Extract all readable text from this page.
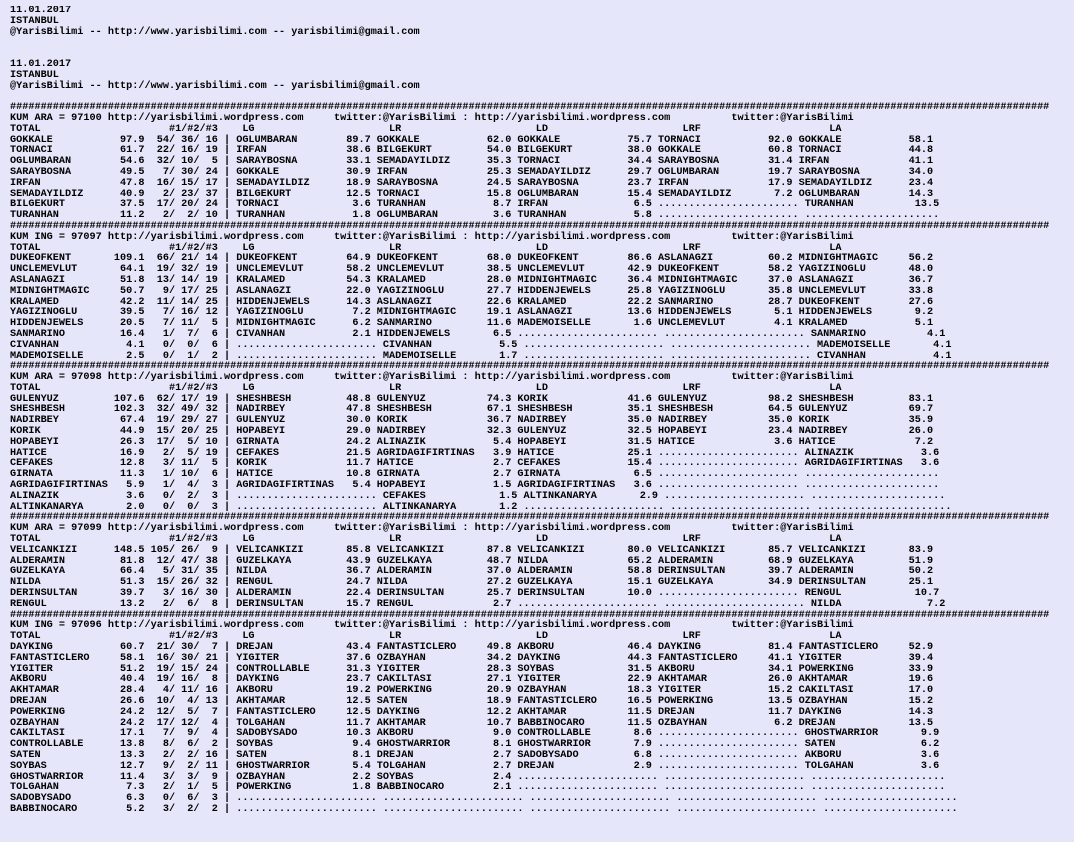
11.01.2017
ISTANBUL
@YarisBilimi -- http://www.yarisbilimi.com -- yarisbilimi@gmail.com

11.01.2017
ISTANBUL
@YarisBilimi -- http://www.yarisbilimi.com -- yarisbilimi@gmail.com

##########################################################################################################################################################################
KUM ARA = 97100 http://yarisbilimi.wordpress.com     twitter:@YarisBilimi : http://yarisbilimi.wordpress.com          twitter:@YarisBilimi
TOTAL                     #1/#2/#3    LG                      LR                      LD                      LRF                     LA
GOKKALE           97.9  54/ 36/ 16 | OGLUMBARAN        89.7 GOKKALE           62.0 GOKKALE           75.7 TORNACI           92.0 GOKKALE           58.1
TORNACI           61.7  22/ 16/ 19 | IRFAN             38.6 BILGEKURT         54.0 BILGEKURT         38.0 GOKKALE           60.8 TORNACI           44.8
OGLUMBARAN        54.6  32/ 10/  5 | SARAYBOSNA        33.1 SEMADAYILDIZ      35.3 TORNACI           34.4 SARAYBOSNA        31.4 IRFAN             41.1
SARAYBOSNA        49.5   7/ 30/ 24 | GOKKALE           30.9 IRFAN             25.3 SEMADAYILDIZ      29.7 OGLUMBARAN        19.7 SARAYBOSNA        34.0
IRFAN             47.8  16/ 15/ 17 | SEMADAYILDIZ      18.9 SARAYBOSNA        24.5 SARAYBOSNA        23.7 IRFAN             17.9 SEMADAYILDIZ      23.4
SEMADAYILDIZ      40.9   2/ 23/ 37 | BILGEKURT         12.5 TORNACI           15.8 OGLUMBARAN        15.4 SEMADAYILDIZ       7.2 OGLUMBARAN        14.3
BILGEKURT         37.5  17/ 20/ 24 | TORNACI            3.6 TURANHAN           8.7 IRFAN              6.5 ....................... TURANHAN          13.5
TURANHAN          11.2   2/  2/ 10 | TURANHAN           1.8 OGLUMBARAN         3.6 TURANHAN           5.8 ....................... ......................
##########################################################################################################################################################################
KUM ING = 97097 http://yarisbilimi.wordpress.com     twitter:@YarisBilimi : http://yarisbilimi.wordpress.com          twitter:@YarisBilimi
TOTAL                     #1/#2/#3    LG                      LR                      LD                      LRF                     LA
DUKEOFKENT       109.1  66/ 21/ 14 | DUKEOFKENT        64.9 DUKEOFKENT        68.0 DUKEOFKENT        86.6 ASLANAGZI         60.2 MIDNIGHTMAGIC     56.2
UNCLEMEVLUT       64.1  19/ 32/ 19 | UNCLEMEVLUT       58.2 UNCLEMEVLUT       38.5 UNCLEMEVLUT       42.9 DUKEOFKENT        58.2 YAGIZINOGLU       48.0
ASLANAGZI         51.8  13/ 14/ 19 | KRALAMED          54.3 KRALAMED          28.0 MIDNIGHTMAGIC     36.4 MIDNIGHTMAGIC     37.0 ASLANAGZI         36.7
MIDNIGHTMAGIC     50.7   9/ 17/ 25 | ASLANAGZI         22.0 YAGIZINOGLU       27.7 HIDDENJEWELS      25.8 YAGIZINOGLU       35.8 UNCLEMEVLUT       33.8
KRALAMED          42.2  11/ 14/ 25 | HIDDENJEWELS      14.3 ASLANAGZI         22.6 KRALAMED          22.2 SANMARINO         28.7 DUKEOFKENT        27.6
YAGIZINOGLU       39.5   7/ 16/ 12 | YAGIZINOGLU        7.2 MIDNIGHTMAGIC     19.1 ASLANAGZI         13.6 HIDDENJEWELS       5.1 HIDDENJEWELS       9.2
HIDDENJEWELS      20.5   7/ 11/  5 | MIDNIGHTMAGIC      6.2 SANMARINO         11.6 MADEMOISELLE       1.6 UNCLEMEVLUT        4.1 KRALAMED           5.1
SANMARINO         16.4   1/  7/  6 | CIVANHAN           2.1 HIDDENJEWELS       6.5 ....................... ....................... SANMARINO          4.1
CIVANHAN           4.1   0/  0/  6 | ....................... CIVANHAN           5.5 ....................... ....................... MADEMOISELLE       4.1
MADEMOISELLE       2.5   0/  1/  2 | ....................... MADEMOISELLE       1.7 ....................... ....................... CIVANHAN           4.1
##########################################################################################################################################################################
KUM ARA = 97098 http://yarisbilimi.wordpress.com     twitter:@YarisBilimi : http://yarisbilimi.wordpress.com          twitter:@YarisBilimi
TOTAL                     #1/#2/#3    LG                      LR                      LD                      LRF                     LA
GULENYUZ         107.6  62/ 17/ 19 | SHESHBESH         48.8 GULENYUZ          74.3 KORIK             41.6 GULENYUZ          98.2 SHESHBESH         83.1
SHESHBESH        102.3  32/ 49/ 32 | NADIRBEY          47.8 SHESHBESH         67.1 SHESHBESH         35.1 SHESHBESH         64.5 GULENYUZ          69.7
NADIRBEY          67.4  19/ 29/ 27 | GULENYUZ          30.0 KORIK             36.7 NADIRBEY          35.0 NADIRBEY          35.0 KORIK             35.9
KORIK             44.9  15/ 20/ 25 | HOPABEYI          29.0 NADIRBEY          32.3 GULENYUZ          32.5 HOPABEYI          23.4 NADIRBEY          26.0
HOPABEYI          26.3  17/  5/ 10 | GIRNATA           24.2 ALINAZIK           5.4 HOPABEYI          31.5 HATICE             3.6 HATICE             7.2
HATICE            16.9   2/  5/ 19 | CEFAKES           21.5 AGRIDAGIFIRTINAS   3.9 HATICE            25.1 ....................... ALINAZIK           3.6
CEFAKES           12.8   3/ 11/  5 | KORIK             11.7 HATICE             2.7 CEFAKES           15.4 ....................... AGRIDAGIFIRTINAS   3.6
GIRNATA           11.3   1/ 10/  6 | HATICE            10.8 GIRNATA            2.7 GIRNATA            6.5 ....................... ......................
AGRIDAGIFIRTINAS   5.9   1/  4/  3 | AGRIDAGIFIRTINAS   5.4 HOPABEYI           1.5 AGRIDAGIFIRTINAS   3.6 ....................... ......................
ALINAZIK           3.6   0/  2/  3 | ....................... CEFAKES            1.5 ALTINKANARYA       2.9 ....................... ......................
ALTINKANARYA       2.0   0/  0/  3 | ....................... ALTINKANARYA       1.2 ....................... ....................... ......................
##########################################################################################################################################################################
KUM ARA = 97099 http://yarisbilimi.wordpress.com     twitter:@YarisBilimi : http://yarisbilimi.wordpress.com          twitter:@YarisBilimi
TOTAL                     #1/#2/#3    LG                      LR                      LD                      LRF                     LA
VELICANKIZI      148.5 105/ 26/  9 | VELICANKIZI       85.8 VELICANKIZI       87.8 VELICANKIZI       80.0 VELICANKIZI       85.7 VELICANKIZI       83.9
ALDERAMIN         81.8  12/ 47/ 38 | GUZELKAYA         43.9 GUZELKAYA         48.7 NILDA             65.2 ALDERAMIN         68.9 GUZELKAYA         51.9
GUZELKAYA         66.4   5/ 31/ 35 | NILDA             36.7 ALDERAMIN         37.0 ALDERAMIN         58.8 DERINSULTAN       39.7 ALDERAMIN         50.2
NILDA             51.3  15/ 26/ 32 | RENGUL            24.7 NILDA             27.2 GUZELKAYA         15.1 GUZELKAYA         34.9 DERINSULTAN       25.1
DERINSULTAN       39.7   3/ 16/ 30 | ALDERAMIN         22.4 DERINSULTAN       25.7 DERINSULTAN       10.0 ....................... RENGUL            10.7
RENGUL            13.2   2/  6/  8 | DERINSULTAN       15.7 RENGUL             2.7 ....................... ....................... NILDA              7.2
##########################################################################################################################################################################
KUM ING = 97096 http://yarisbilimi.wordpress.com     twitter:@YarisBilimi : http://yarisbilimi.wordpress.com          twitter:@YarisBilimi
TOTAL                     #1/#2/#3    LG                      LR                      LD                      LRF                     LA
DAYKING           60.7  21/ 30/  7 | DREJAN            43.4 FANTASTICLERO     49.8 AKBORU            46.4 DAYKING           81.4 FANTASTICLERO     52.9
FANTASTICLERO     58.1  16/ 30/ 21 | YIGITER           37.6 OZBAYHAN          34.2 DAYKING           44.3 FANTASTICLERO     41.1 YIGITER           39.4
YIGITER           51.2  19/ 15/ 24 | CONTROLLABLE      31.3 YIGITER           28.3 SOYBAS            31.5 AKBORU            34.1 POWERKING         33.9
AKBORU            40.4  19/ 16/  8 | DAYKING           23.7 CAKILTASI         27.1 YIGITER           22.9 AKHTAMAR          26.0 AKHTAMAR          19.6
AKHTAMAR          28.4   4/ 11/ 16 | AKBORU            19.2 POWERKING         20.9 OZBAYHAN          18.3 YIGITER           15.2 CAKILTASI         17.0
DREJAN            26.6  10/  4/ 13 | AKHTAMAR          12.5 SATEN             18.9 FANTASTICLERO     16.5 POWERKING         13.5 OZBAYHAN          15.2
POWERKING         24.2  12/  5/  7 | FANTASTICLERO     12.5 DAYKING           12.2 AKHTAMAR          11.5 DREJAN            11.7 DAYKING           14.3
OZBAYHAN          24.2  17/ 12/  4 | TOLGAHAN          11.7 AKHTAMAR          10.7 BABBINOCARO       11.5 OZBAYHAN           6.2 DREJAN            13.5
CAKILTASI         17.1   7/  9/  4 | SADOBYSADO        10.3 AKBORU             9.0 CONTROLLABLE       8.6 ....................... GHOSTWARRIOR       9.9
CONTROLLABLE      13.8   8/  6/  2 | SOYBAS             9.4 GHOSTWARRIOR       8.1 GHOSTWARRIOR       7.9 ....................... SATEN              6.2
SATEN             13.3   2/  2/ 16 | SATEN              8.1 DREJAN             2.7 SADOBYSADO         6.8 ....................... AKBORU             3.6
SOYBAS            12.7   9/  2/ 11 | GHOSTWARRIOR       5.4 TOLGAHAN           2.7 DREJAN             2.9 ....................... TOLGAHAN           3.6
GHOSTWARRIOR      11.4   3/  3/  9 | OZBAYHAN           2.2 SOYBAS             2.4 ....................... ....................... ......................
TOLGAHAN           7.3   2/  1/  5 | POWERKING          1.8 BABBINOCARO        2.1 ....................... ....................... ......................
SADOBYSADO         6.3   0/  6/  3 | ....................... ....................... ....................... ....................... ......................
BABBINOCARO        5.2   3/  2/  2 | ....................... ....................... ....................... ....................... ......................
